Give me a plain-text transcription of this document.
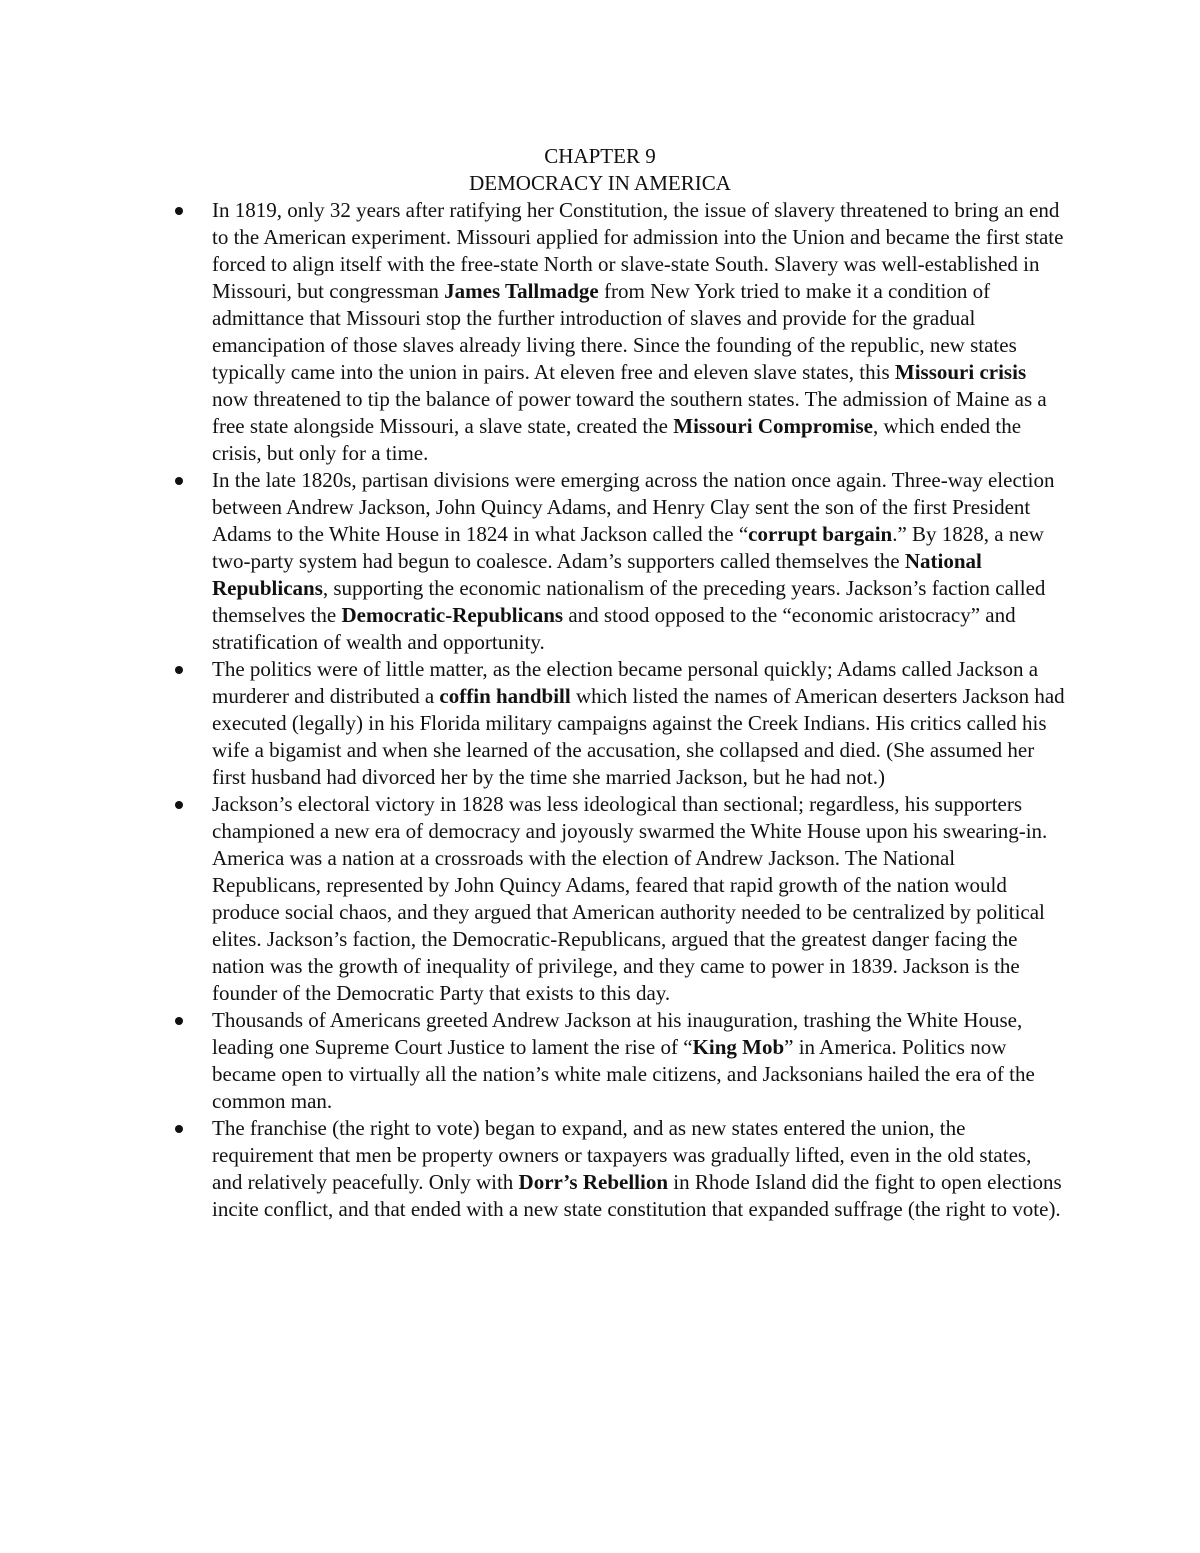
CHAPTER 9
DEMOCRACY IN AMERICA
In 1819, only 32 years after ratifying her Constitution, the issue of slavery threatened to bring an end to the American experiment. Missouri applied for admission into the Union and became the first state forced to align itself with the free-state North or slave-state South. Slavery was well-established in Missouri, but congressman James Tallmadge from New York tried to make it a condition of admittance that Missouri stop the further introduction of slaves and provide for the gradual emancipation of those slaves already living there. Since the founding of the republic, new states typically came into the union in pairs. At eleven free and eleven slave states, this Missouri crisis now threatened to tip the balance of power toward the southern states. The admission of Maine as a free state alongside Missouri, a slave state, created the Missouri Compromise, which ended the crisis, but only for a time.
In the late 1820s, partisan divisions were emerging across the nation once again. Three-way election between Andrew Jackson, John Quincy Adams, and Henry Clay sent the son of the first President Adams to the White House in 1824 in what Jackson called the “corrupt bargain.” By 1828, a new two-party system had begun to coalesce. Adam’s supporters called themselves the National Republicans, supporting the economic nationalism of the preceding years. Jackson’s faction called themselves the Democratic-Republicans and stood opposed to the “economic aristocracy” and stratification of wealth and opportunity.
The politics were of little matter, as the election became personal quickly; Adams called Jackson a murderer and distributed a coffin handbill which listed the names of American deserters Jackson had executed (legally) in his Florida military campaigns against the Creek Indians. His critics called his wife a bigamist and when she learned of the accusation, she collapsed and died. (She assumed her first husband had divorced her by the time she married Jackson, but he had not.)
Jackson’s electoral victory in 1828 was less ideological than sectional; regardless, his supporters championed a new era of democracy and joyously swarmed the White House upon his swearing-in. America was a nation at a crossroads with the election of Andrew Jackson. The National Republicans, represented by John Quincy Adams, feared that rapid growth of the nation would produce social chaos, and they argued that American authority needed to be centralized by political elites. Jackson’s faction, the Democratic-Republicans, argued that the greatest danger facing the nation was the growth of inequality of privilege, and they came to power in 1839. Jackson is the founder of the Democratic Party that exists to this day.
Thousands of Americans greeted Andrew Jackson at his inauguration, trashing the White House, leading one Supreme Court Justice to lament the rise of “King Mob” in America. Politics now became open to virtually all the nation’s white male citizens, and Jacksonians hailed the era of the common man.
The franchise (the right to vote) began to expand, and as new states entered the union, the requirement that men be property owners or taxpayers was gradually lifted, even in the old states, and relatively peacefully. Only with Dorr’s Rebellion in Rhode Island did the fight to open elections incite conflict, and that ended with a new state constitution that expanded suffrage (the right to vote).
